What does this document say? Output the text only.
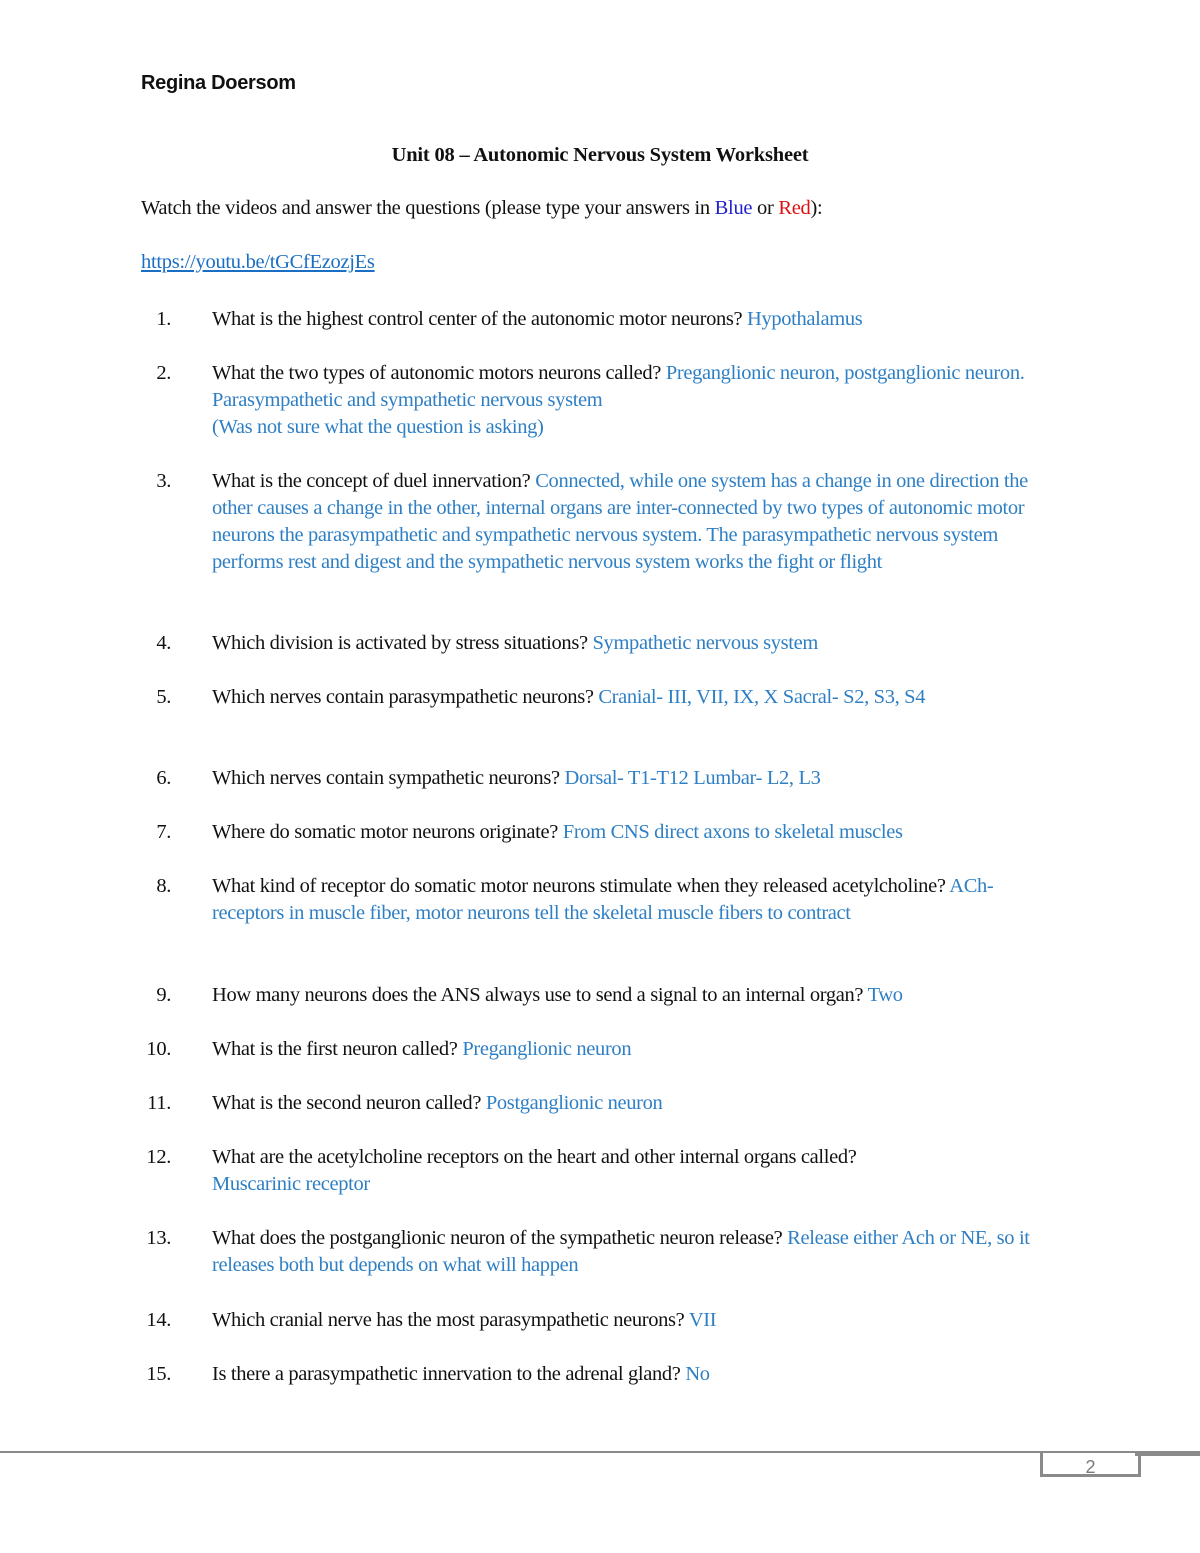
Regina Doersom
Unit 08 – Autonomic Nervous System Worksheet
Watch the videos and answer the questions (please type your answers in Blue or Red):
https://youtu.be/tGCfEzozjEs
1. What is the highest control center of the autonomic motor neurons? Hypothalamus
2. What the two types of autonomic motors neurons called? Preganglionic neuron, postganglionic neuron. Parasympathetic and sympathetic nervous system
(Was not sure what the question is asking)
3. What is the concept of duel innervation? Connected, while one system has a change in one direction the other causes a change in the other, internal organs are inter-connected by two types of autonomic motor neurons the parasympathetic and sympathetic nervous system. The parasympathetic nervous system performs rest and digest and the sympathetic nervous system works the fight or flight
4. Which division is activated by stress situations? Sympathetic nervous system
5. Which nerves contain parasympathetic neurons? Cranial- III, VII, IX, X Sacral- S2, S3, S4
6. Which nerves contain sympathetic neurons? Dorsal- T1-T12 Lumbar- L2, L3
7. Where do somatic motor neurons originate? From CNS direct axons to skeletal muscles
8. What kind of receptor do somatic motor neurons stimulate when they released acetylcholine? ACh-receptors in muscle fiber, motor neurons tell the skeletal muscle fibers to contract
9. How many neurons does the ANS always use to send a signal to an internal organ? Two
10. What is the first neuron called? Preganglionic neuron
11. What is the second neuron called? Postganglionic neuron
12. What are the acetylcholine receptors on the heart and other internal organs called?
Muscarinic receptor
13. What does the postganglionic neuron of the sympathetic neuron release? Release either Ach or NE, so it releases both but depends on what will happen
14. Which cranial nerve has the most parasympathetic neurons? VII
15. Is there a parasympathetic innervation to the adrenal gland? No
2
